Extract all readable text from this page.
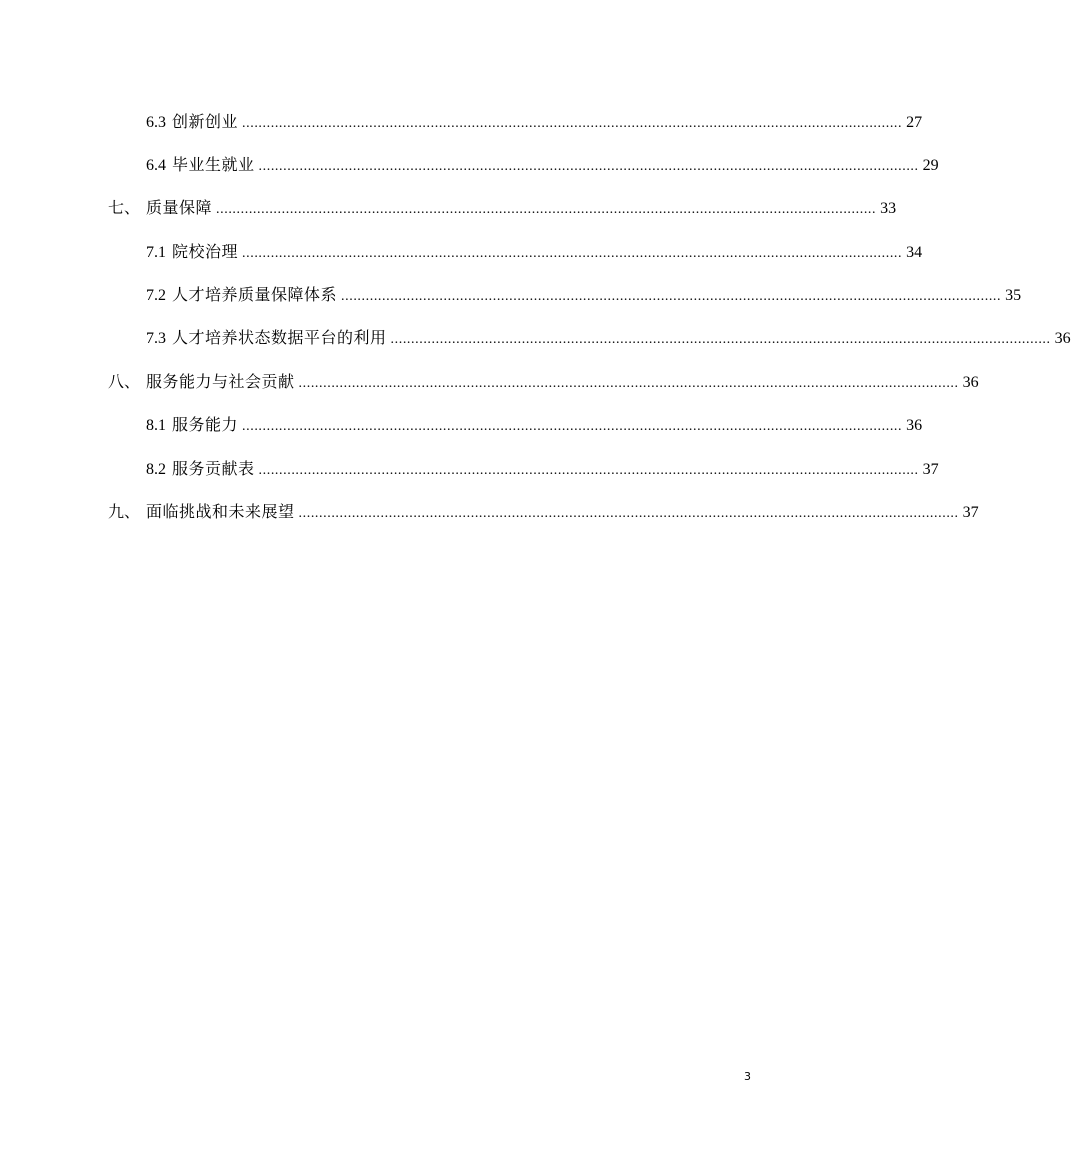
6.3 创新创业 ................................................................................................................................................................. 27
6.4 毕业生就业 ................................................................................................................................................................. 29
七、 质量保障 ................................................................................................................................................................. 33
7.1 院校治理 ................................................................................................................................................................. 34
7.2 人才培养质量保障体系 ................................................................................................................................................................. 35
7.3 人才培养状态数据平台的利用 ................................................................................................................................................................. 36
八、 服务能力与社会贡献 ................................................................................................................................................................. 36
8.1 服务能力 ................................................................................................................................................................. 36
8.2 服务贡献表 ................................................................................................................................................................. 37
九、 面临挑战和未来展望 ................................................................................................................................................................. 37
3
